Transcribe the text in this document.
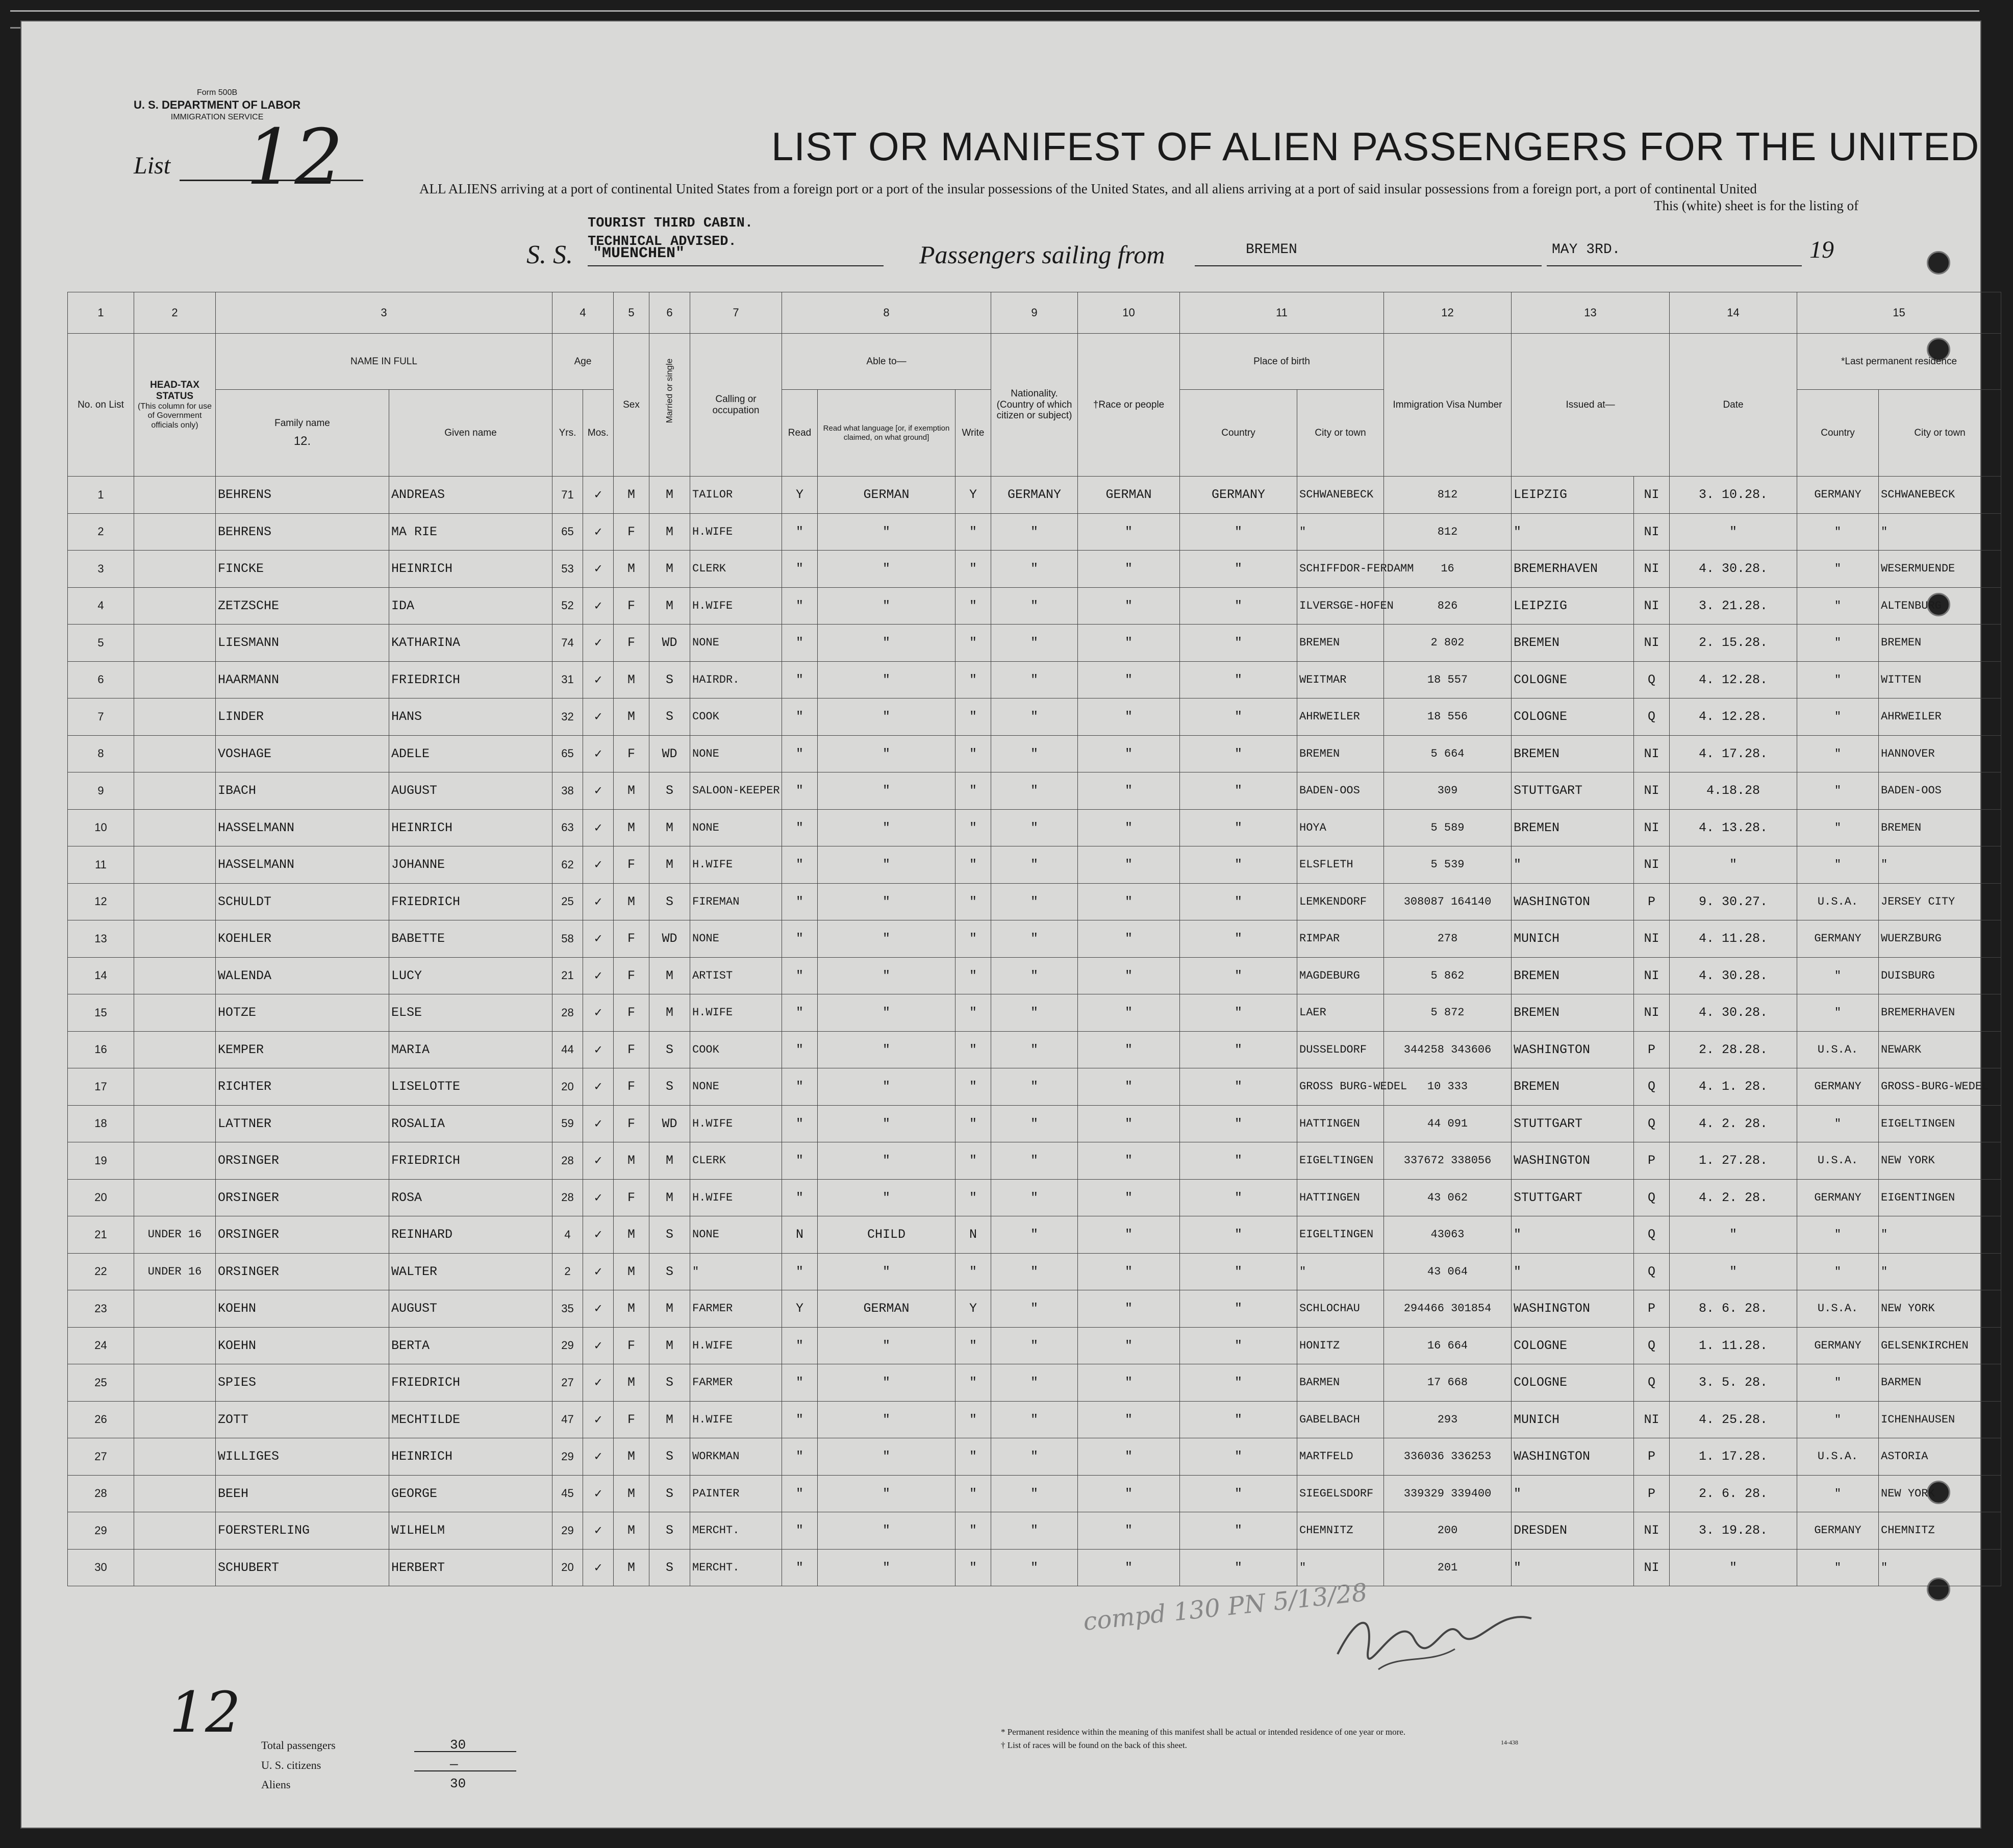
Form 500B
U. S. DEPARTMENT OF LABOR
IMMIGRATION SERVICE
List 12	LIST OR MANIFEST OF ALIEN PASSENGERS FOR THE UNITED
ALL ALIENS arriving at a port of continental United States from a foreign port or a port of the insular possessions of the United States, and all aliens arriving at a port of said insular possessions from a foreign port, a port of continental United
This (white) sheet is for the listing of
TOURIST THIRD CABIN.
TECHNICAL ADVISED.
S. S. "MUENCHEN"	Passengers sailing from	BREMEN	MAY 3RD.	19
1	2	3		4		5	6	7	8			9	10	11		12	13		14	15	
No. on List	HEAD-TAX STATUS
(This column for use of Government officials only)	NAME IN FULL		Age		Sex	Married or single	Calling or occupation	Able to—			Nationality. (Country of which citizen or subject)	†Race or people	Place of birth		Immigration Visa Number	Issued at—		Date	*Last permanent residence	

		Family name
12.	Given name	Yrs.	Mos.				Read	Read what language [or, if exemption claimed, on what ground]	Write			Country	City or town					Country	City or town
1		BEHRENS	ANDREAS	71	✓	M	M	TAILOR	Y	GERMAN	Y	GERMANY	GERMAN	GERMANY	SCHWANEBECK	812	LEIPZIG	NI	3. 10.28.	GERMANY	SCHWANEBECK
2		BEHRENS	MA RIE	65	✓	F	M	H.WIFE	"	"	"	"	"	"	"	812	"	NI	"	"	"
3		FINCKE	HEINRICH	53	✓	M	M	CLERK	"	"	"	"	"	"	SCHIFFDOR-FERDAMM	16	BREMERHAVEN	NI	4. 30.28.	"	WESERMUENDE
4		ZETZSCHE	IDA	52	✓	F	M	H.WIFE	"	"	"	"	"	"	ILVERSGE-HOFEN	826	LEIPZIG	NI	3. 21.28.	"	ALTENBURG
5		LIESMANN	KATHARINA	74	✓	F	WD	NONE	"	"	"	"	"	"	BREMEN	2 802	BREMEN	NI	2. 15.28.	"	BREMEN
6		HAARMANN	FRIEDRICH	31	✓	M	S	HAIRDR.	"	"	"	"	"	"	WEITMAR	18 557	COLOGNE	Q	4. 12.28.	"	WITTEN
7		LINDER	HANS	32	✓	M	S	COOK	"	"	"	"	"	"	AHRWEILER	18 556	COLOGNE	Q	4. 12.28.	"	AHRWEILER
8		VOSHAGE	ADELE	65	✓	F	WD	NONE	"	"	"	"	"	"	BREMEN	5 664	BREMEN	NI	4. 17.28.	"	HANNOVER
9		IBACH	AUGUST	38	✓	M	S	SALOON-KEEPER	"	"	"	"	"	"	BADEN-OOS	309	STUTTGART	NI	4.18.28	"	BADEN-OOS
10		HASSELMANN	HEINRICH	63	✓	M	M	NONE	"	"	"	"	"	"	HOYA	5 589	BREMEN	NI	4. 13.28.	"	BREMEN
11		HASSELMANN	JOHANNE	62	✓	F	M	H.WIFE	"	"	"	"	"	"	ELSFLETH	5 539	"	NI	"	"	"
12		SCHULDT	FRIEDRICH	25	✓	M	S	FIREMAN	"	"	"	"	"	"	LEMKENDORF	308087 164140	WASHINGTON	P	9. 30.27.	U.S.A.	JERSEY CITY
13		KOEHLER	BABETTE	58	✓	F	WD	NONE	"	"	"	"	"	"	RIMPAR	278	MUNICH	NI	4. 11.28.	GERMANY	WUERZBURG
14		WALENDA	LUCY	21	✓	F	M	ARTIST	"	"	"	"	"	"	MAGDEBURG	5 862	BREMEN	NI	4. 30.28.	"	DUISBURG
15		HOTZE	ELSE	28	✓	F	M	H.WIFE	"	"	"	"	"	"	LAER	5 872	BREMEN	NI	4. 30.28.	"	BREMERHAVEN
16		KEMPER	MARIA	44	✓	F	S	COOK	"	"	"	"	"	"	DUSSELDORF	344258 343606	WASHINGTON	P	2. 28.28.	U.S.A.	NEWARK
17		RICHTER	LISELOTTE	20	✓	F	S	NONE	"	"	"	"	"	"	GROSS BURG-WEDEL	10 333	BREMEN	Q	4. 1. 28.	GERMANY	GROSS-BURG-WEDEL
18		LATTNER	ROSALIA	59	✓	F	WD	H.WIFE	"	"	"	"	"	"	HATTINGEN	44 091	STUTTGART	Q	4. 2. 28.	"	EIGELTINGEN
19		ORSINGER	FRIEDRICH	28	✓	M	M	CLERK	"	"	"	"	"	"	EIGELTINGEN	337672 338056	WASHINGTON	P	1. 27.28.	U.S.A.	NEW YORK
20		ORSINGER	ROSA	28	✓	F	M	H.WIFE	"	"	"	"	"	"	HATTINGEN	43 062	STUTTGART	Q	4. 2. 28.	GERMANY	EIGENTINGEN
21	UNDER 16	ORSINGER	REINHARD	4	✓	M	S	NONE	N	CHILD	N	"	"	"	EIGELTINGEN	43063	"	Q	"	"	"
22	UNDER 16	ORSINGER	WALTER	2	✓	M	S	"	"	"	"	"	"	"	"	43 064	"	Q	"	"	"
23		KOEHN	AUGUST	35	✓	M	M	FARMER	Y	GERMAN	Y	"	"	"	SCHLOCHAU	294466 301854	WASHINGTON	P	8. 6. 28.	U.S.A.	NEW YORK
24		KOEHN	BERTA	29	✓	F	M	H.WIFE	"	"	"	"	"	"	HONITZ	16 664	COLOGNE	Q	1. 11.28.	GERMANY	GELSENKIRCHEN
25		SPIES	FRIEDRICH	27	✓	M	S	FARMER	"	"	"	"	"	"	BARMEN	17 668	COLOGNE	Q	3. 5. 28.	"	BARMEN
26		ZOTT	MECHTILDE	47	✓	F	M	H.WIFE	"	"	"	"	"	"	GABELBACH	293	MUNICH	NI	4. 25.28.	"	ICHENHAUSEN
27		WILLIGES	HEINRICH	29	✓	M	S	WORKMAN	"	"	"	"	"	"	MARTFELD	336036 336253	WASHINGTON	P	1. 17.28.	U.S.A.	ASTORIA
28		BEEH	GEORGE	45	✓	M	S	PAINTER	"	"	"	"	"	"	SIEGELSDORF	339329 339400	"	P	2. 6. 28.	"	NEW YORK
29		FOERSTERLING	WILHELM	29	✓	M	S	MERCHT.	"	"	"	"	"	"	CHEMNITZ	200	DRESDEN	NI	3. 19.28.	GERMANY	CHEMNITZ
30		SCHUBERT	HERBERT	20	✓	M	S	MERCHT.	"	"	"	"	"	"	"	201	"	NI	"	"	"
12
Total passengers
U. S. citizens
Aliens
30
—
30
* Permanent residence within the meaning of this manifest shall be actual or intended residence of one year or more.
† List of races will be found on the back of this sheet.	14-438
compd 130 PN 5/13/28
